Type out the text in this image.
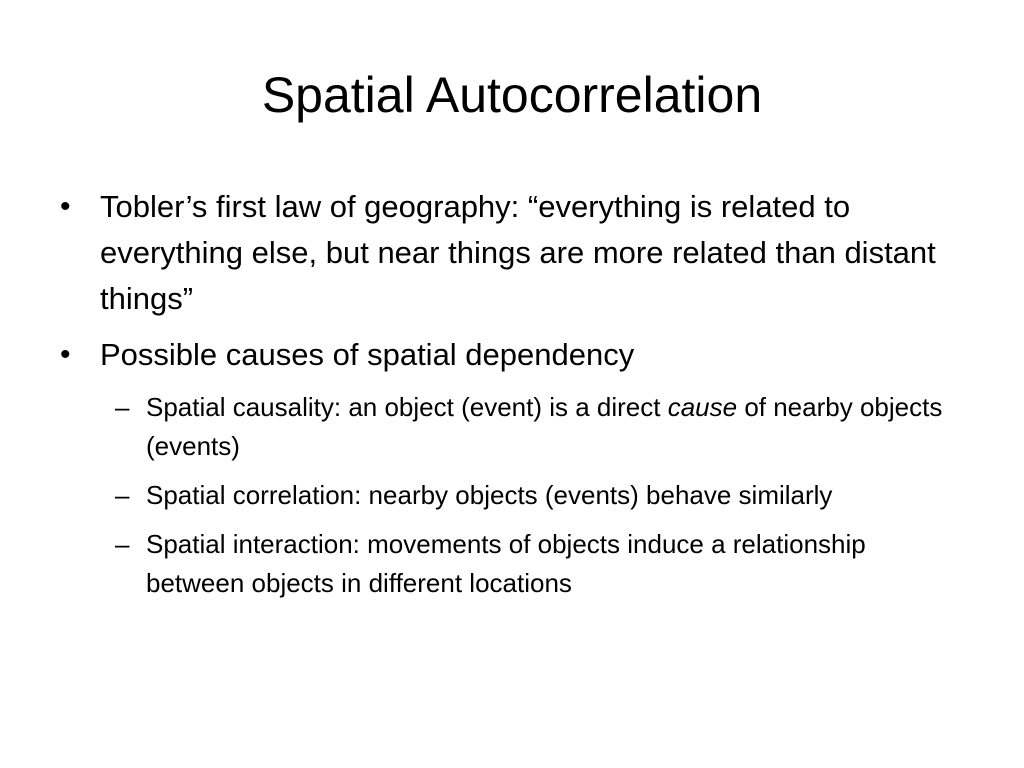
Spatial Autocorrelation
• Tobler’s first law of geography: “everything is related to everything else, but near things are more related than distant things”
• Possible causes of spatial dependency
– Spatial causality: an object (event) is a direct cause of nearby objects (events)
– Spatial correlation: nearby objects (events) behave similarly
– Spatial interaction: movements of objects induce a relationship between objects in different locations
